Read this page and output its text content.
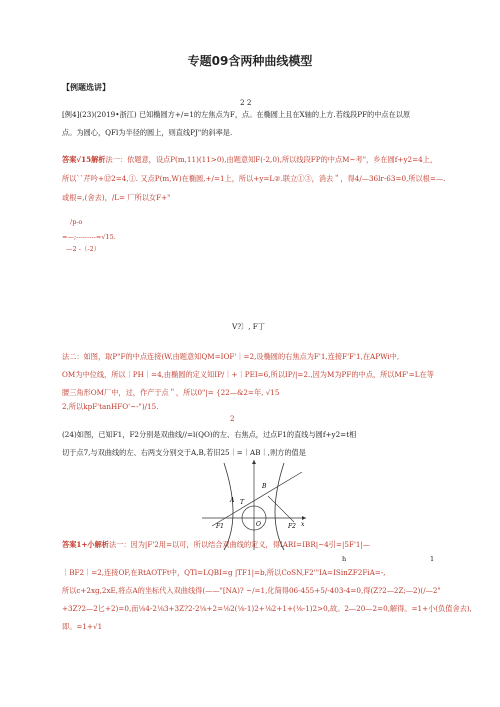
专题09含两种曲线模型
【例题选讲】
2 2
[例4](23)(2019•浙江) 已知椭圆方+/=1的左焦点为F，点。在椭圆上且在X轴的上方.若线段PF的中点在以原
点。为圆心，QFl为半径的圆上，则直线PJ"的斜率是.
答案√15解析法一：依题意，设点P(m,11)(11>0),由题意知F(-2,0),所以线段FP的中点M~考"，乡在圆f+y2=4上，
所以``芹吟+⑫2=4,①. 又点P(m,W)在椭圆,+/=1上，所以+y=L②.联立①③，消去＂，得4/—36lr-63=0,所以根=—.
或根=,(舍去)，/L= 厂所以女F+"
/p-o
=—;---------=√15.
—2 -（-2）
V?〕, F丁
法二：如图，取P"F的中点连接(W,由题意知QM=IOF'｜=2,设椭圆的右焦点为F'1,连接F'F'1,在APWi中,
OM为中位线，所以｜PH｜=4,由椭圆的定义知IP/｜+｜PEI=6,所以IP/|=2.,因为M为PF的中点，所以MF'=L在等
腰三角形OM厂中，过，作产于点＂，所以0"|= {22—&2=年, √15
2,所以kpF'tanHFO'~-")/15.
2
(24)如图，已知F1，F2分别是双曲线//=l(QO)的左、右焦点，过点F1的直线与圆f+y2=t相
切于点7,与双曲线的左、右两支分别交于A,B,若旧25｜=｜AB｜,则方的值是
T
A
B
F1	F2
O	x
答案1+小解析法一：因为|F'2用=以可，所以结合双曲线的定义，得IARI=IBR|~4引=|5F'1|—
h	1
｜BF2｜=2,连接OF,在RtAOTFt中，QTl=LQBI=g |TF1|=b,所以CoSN,F2'"IA=ISinZF2FiA=-,
所以c+2xg,2xE,将点A的坐标代入双曲线得(——"[NA)? ~/=1,化简得06-455+5/-403-4=0,得(Z?2—2Z;—2)(/—2"
+3Z?2—2匕+2)=0,而⅛4-2⅛3+3Z?2-2⅛+2=⅛2(⅛-1)2+⅛2+1+(⅛-1)2>0,故。2—20—2=0,解得。=1+小(负值舍去),
即。=1+√1
